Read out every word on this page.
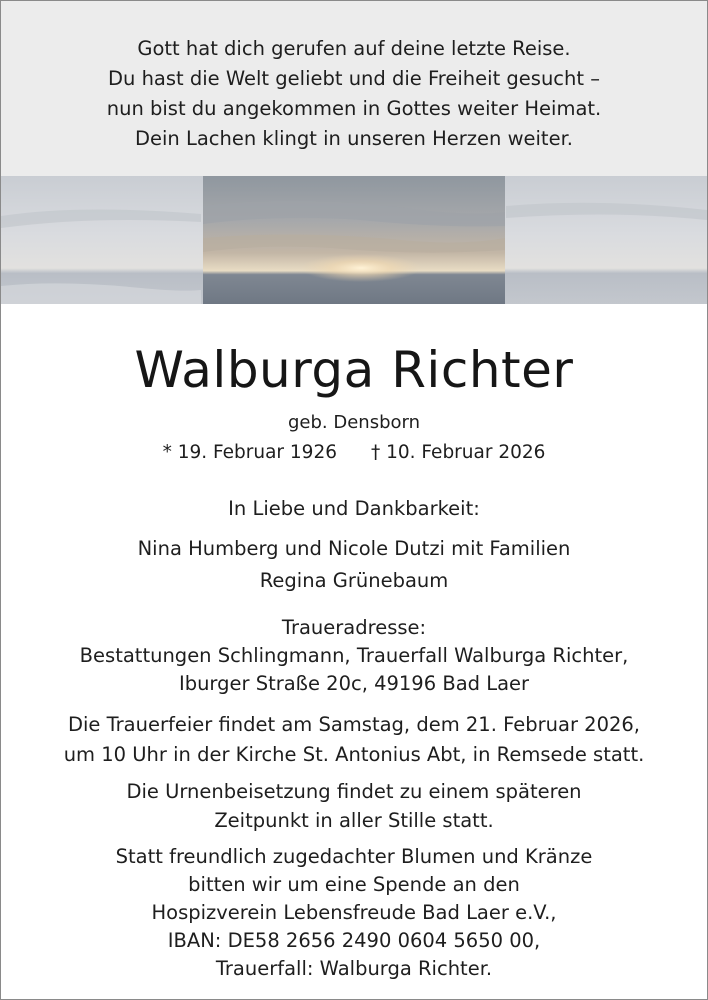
Gott hat dich gerufen auf deine letzte Reise.
Du hast die Welt geliebt und die Freiheit gesucht –
nun bist du angekommen in Gottes weiter Heimat.
Dein Lachen klingt in unseren Herzen weiter.
Walburga Richter
geb. Densborn
* 19. Februar 1926 † 10. Februar 2026
In Liebe und Dankbarkeit:
Nina Humberg und Nicole Dutzi mit Familien
Regina Grünebaum
Traueradresse:
Bestattungen Schlingmann, Trauerfall Walburga Richter,
Iburger Straße 20c, 49196 Bad Laer
Die Trauerfeier findet am Samstag, dem 21. Februar 2026,
um 10 Uhr in der Kirche St. Antonius Abt, in Remsede statt.
Die Urnenbeisetzung findet zu einem späteren
Zeitpunkt in aller Stille statt.
Statt freundlich zugedachter Blumen und Kränze
bitten wir um eine Spende an den
Hospizverein Lebensfreude Bad Laer e.V.,
IBAN: DE58 2656 2490 0604 5650 00,
Trauerfall: Walburga Richter.
